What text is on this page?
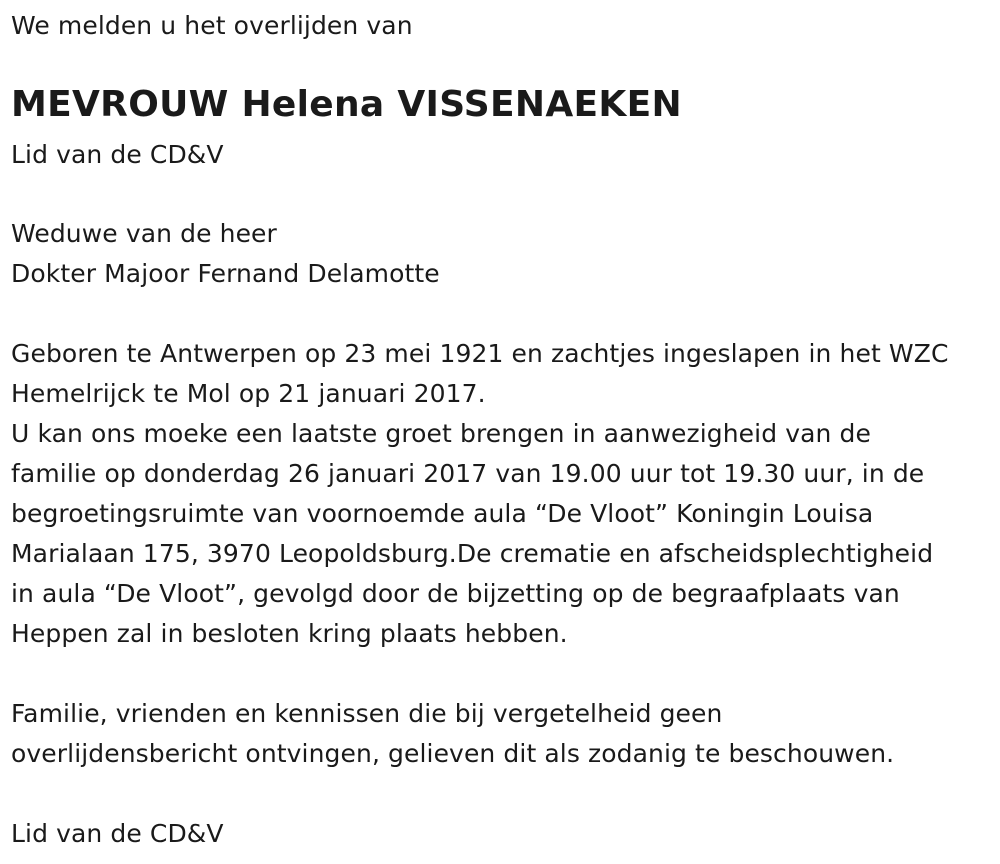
We melden u het overlijden van
MEVROUW Helena VISSENAEKEN
Lid van de CD&V
Weduwe van de heer
Dokter Majoor Fernand Delamotte
Geboren te Antwerpen op 23 mei 1921 en zachtjes ingeslapen in het WZC
Hemelrijck te Mol op 21 januari 2017.
U kan ons moeke een laatste groet brengen in aanwezigheid van de
familie op donderdag 26 januari 2017 van 19.00 uur tot 19.30 uur, in de
begroetingsruimte van voornoemde aula “De Vloot” Koningin Louisa
Marialaan 175, 3970 Leopoldsburg.De crematie en afscheidsplechtigheid
in aula “De Vloot”, gevolgd door de bijzetting op de begraafplaats van
Heppen zal in besloten kring plaats hebben.
Familie, vrienden en kennissen die bij vergetelheid geen
overlijdensbericht ontvingen, gelieven dit als zodanig te beschouwen.
Lid van de CD&V
